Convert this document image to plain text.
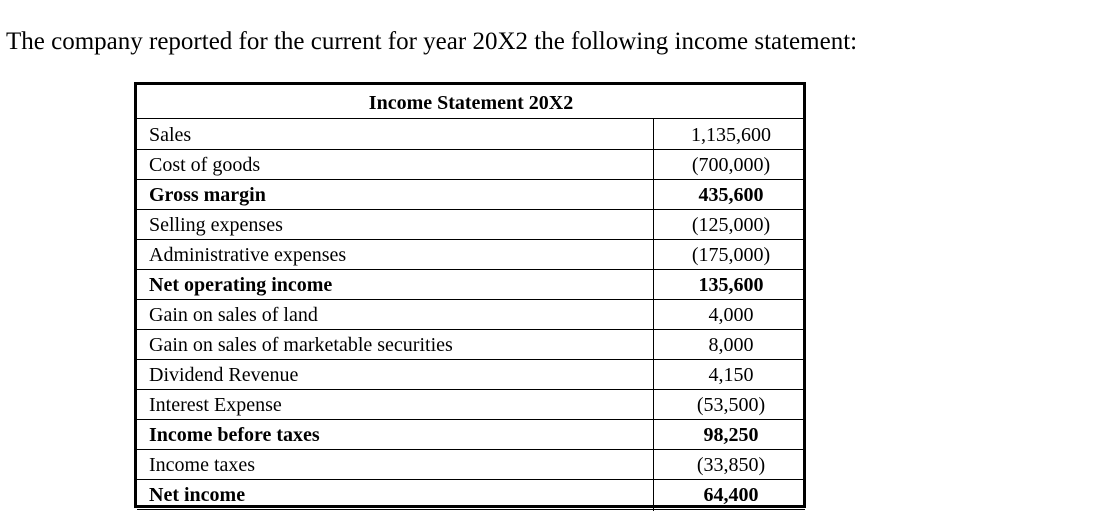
The company reported for the current for year 20X2 the following income statement:
Income Statement 20X2
Sales	1,135,600
Cost of goods	(700,000)
Gross margin	435,600
Selling expenses	(125,000)
Administrative expenses	(175,000)
Net operating income	135,600
Gain on sales of land	4,000
Gain on sales of marketable securities	8,000
Dividend Revenue	4,150
Interest Expense	(53,500)
Income before taxes	98,250
Income taxes	(33,850)
Net income	64,400
